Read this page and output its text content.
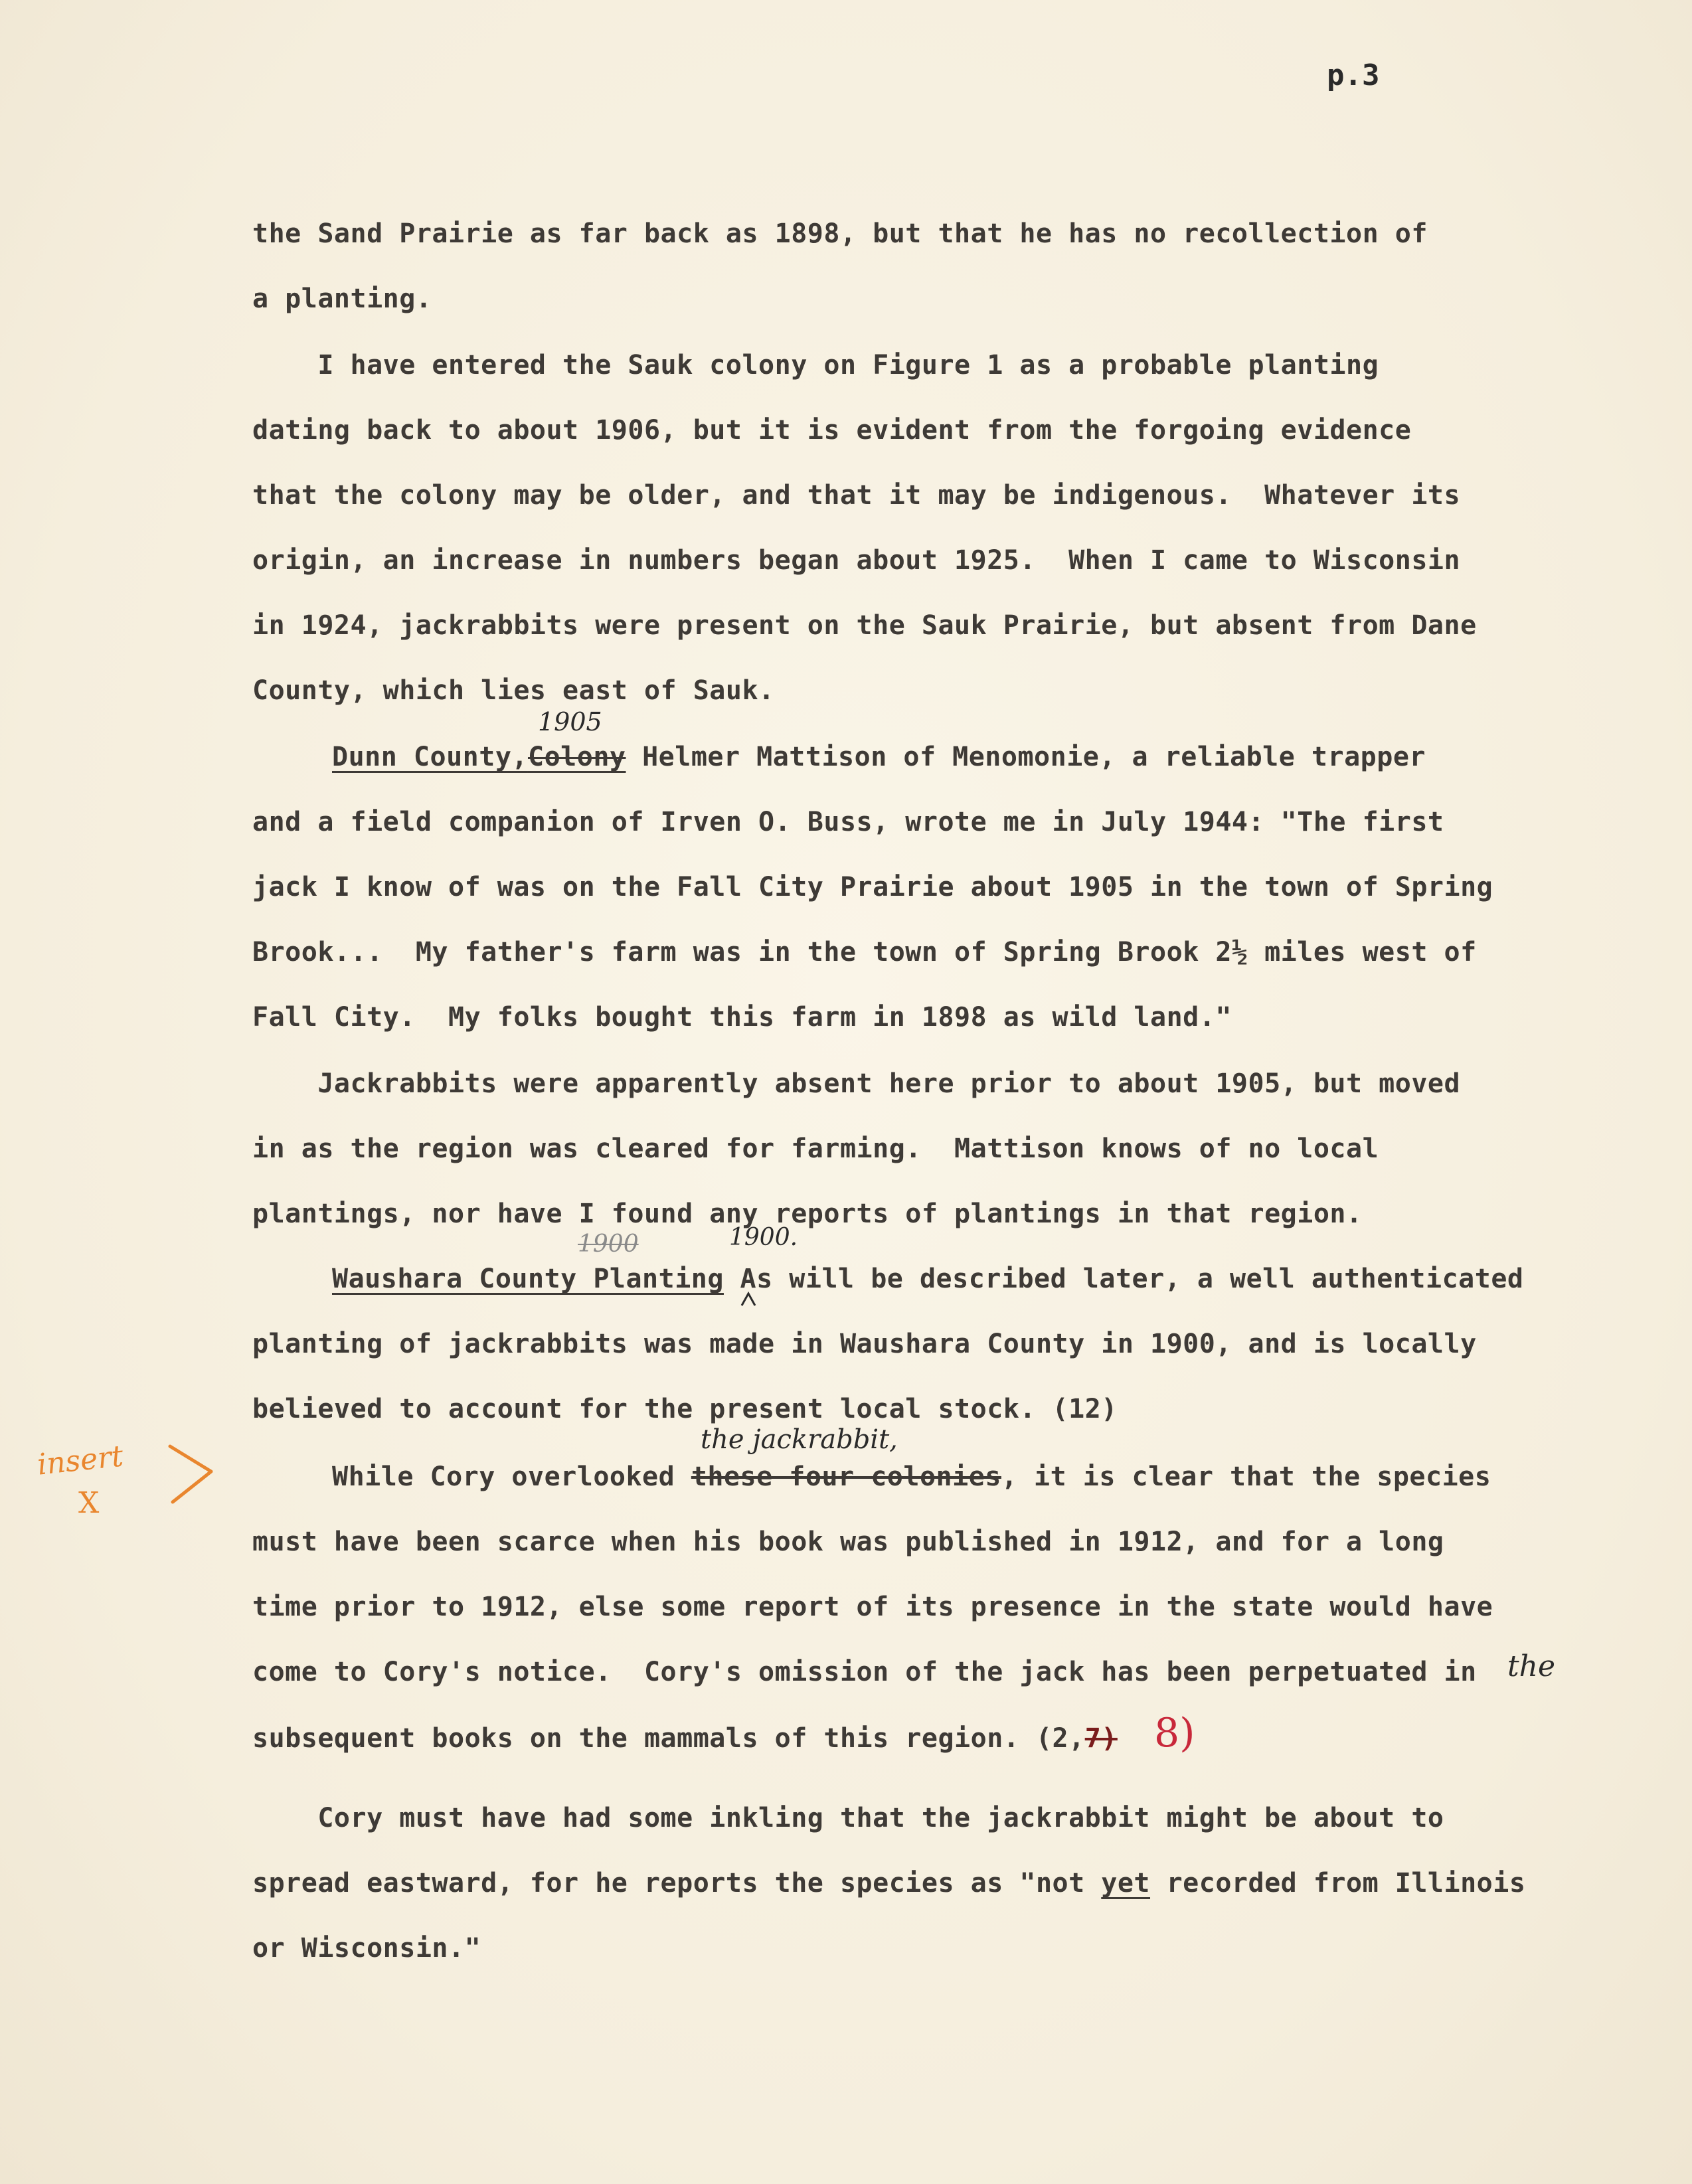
p.3
the Sand Prairie as far back as 1898, but that he has no recollection of
a planting.
I have entered the Sauk colony on Figure 1 as a probable planting
dating back to about 1906, but it is evident from the forgoing evidence
that the colony may be older, and that it may be indigenous.  Whatever its
origin, an increase in numbers began about 1925.  When I came to Wisconsin
in 1924, jackrabbits were present on the Sauk Prairie, but absent from Dane
County, which lies east of Sauk.
Dunn County,Colony Helmer Mattison of Menomonie, a reliable trapper
1905
and a field companion of Irven O. Buss, wrote me in July 1944: "The first
jack I know of was on the Fall City Prairie about 1905 in the town of Spring
Brook...  My father's farm was in the town of Spring Brook 2½ miles west of
Fall City.  My folks bought this farm in 1898 as wild land."
Jackrabbits were apparently absent here prior to about 1905, but moved
in as the region was cleared for farming.  Mattison knows of no local
plantings, nor have I found any reports of plantings in that region.
Waushara County Planting As will be described later, a well authenticated
1900	1900.
planting of jackrabbits was made in Waushara County in 1900, and is locally
believed to account for the present local stock. (12)
While Cory overlooked these four colonies, it is clear that the species
the jackrabbit,
must have been scarce when his book was published in 1912, and for a long
time prior to 1912, else some report of its presence in the state would have
come to Cory's notice.  Cory's omission of the jack has been perpetuated in the
subsequent books on the mammals of this region. (2,7) 8)
Cory must have had some inkling that the jackrabbit might be about to
spread eastward, for he reports the species as "not yet recorded from Illinois
or Wisconsin."
insert
X
